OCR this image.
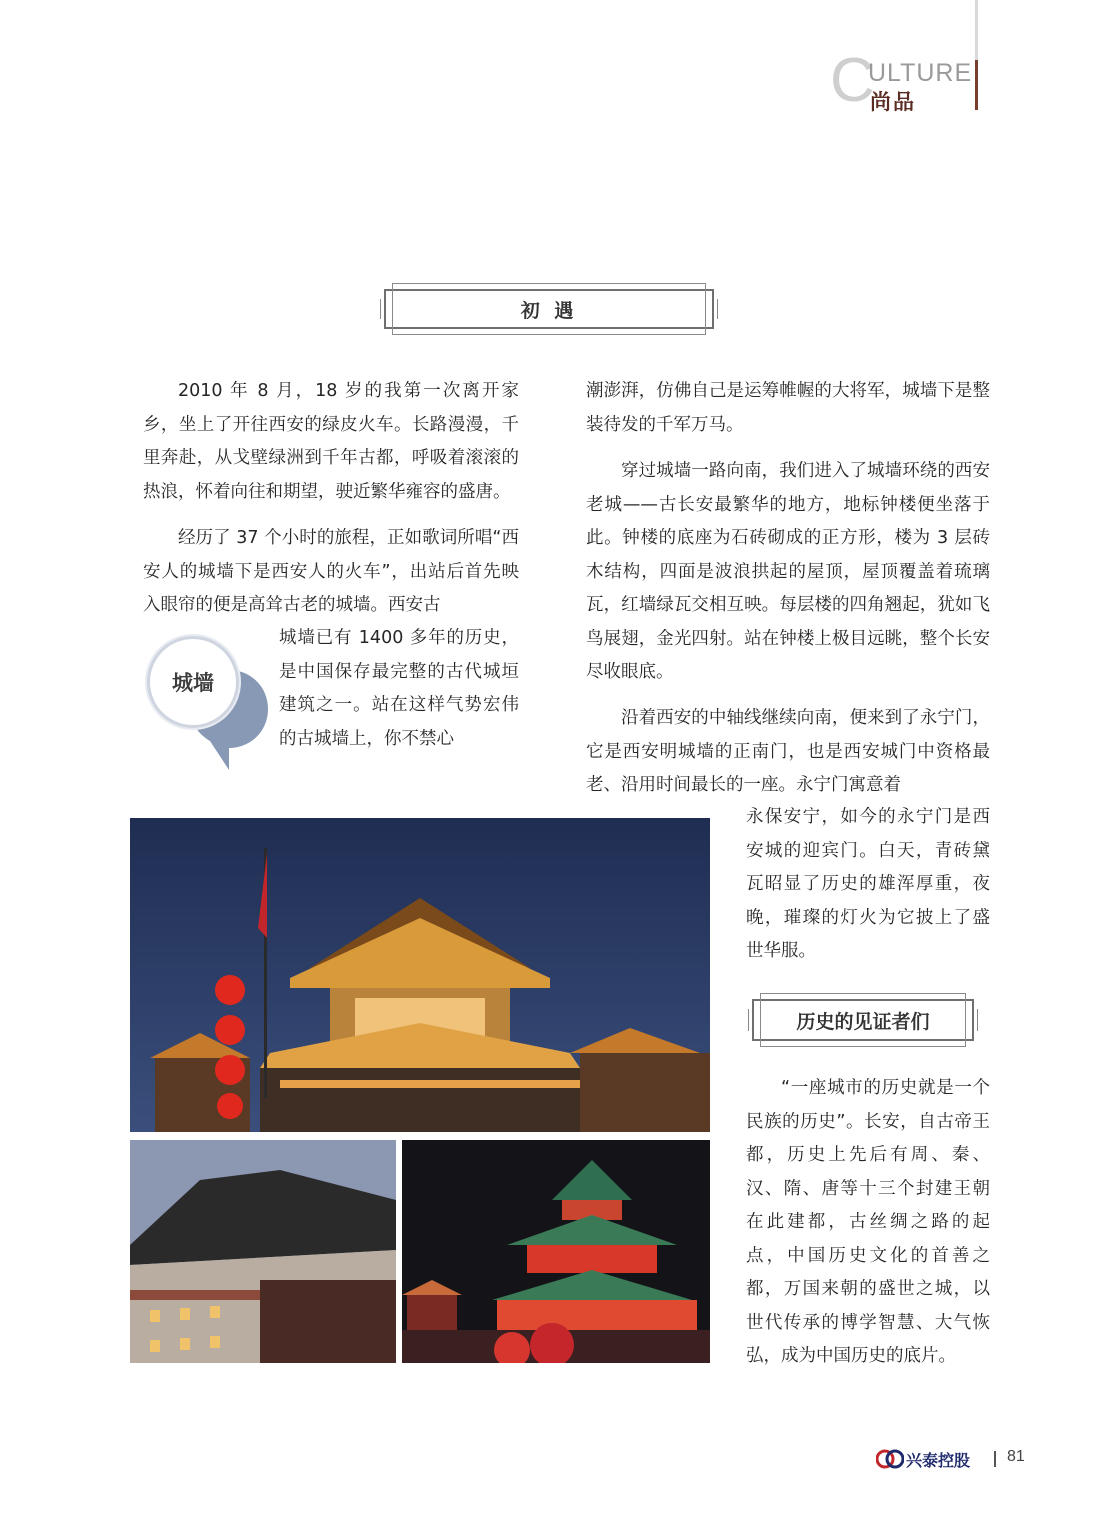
C
ULTURE
尚品
初 遇

2010 年 8 月，18 岁的我第一次离开家乡，坐上了开往西安的绿皮火车。长路漫漫，千里奔赴，从戈壁绿洲到千年古都，呼吸着滚滚的热浪，怀着向往和期望，驶近繁华雍容的盛唐。

经历了 37 个小时的旅程，正如歌词所唱“西安人的城墙下是西安人的火车”，出站后首先映入眼帘的便是高耸古老的城墙。西安古

城墙已有 1400 多年的历史，是中国保存最完整的古代城垣建筑之一。站在这样气势宏伟的古城墙上，你不禁心

城墙

潮澎湃，仿佛自己是运筹帷幄的大将军，城墙下是整装待发的千军万马。

穿过城墙一路向南，我们进入了城墙环绕的西安老城——古长安最繁华的地方，地标钟楼便坐落于此。钟楼的底座为石砖砌成的正方形，楼为 3 层砖木结构，四面是波浪拱起的屋顶，屋顶覆盖着琉璃瓦，红墙绿瓦交相互映。每层楼的四角翘起，犹如飞鸟展翅，金光四射。站在钟楼上极目远眺，整个长安尽收眼底。

沿着西安的中轴线继续向南，便来到了永宁门，它是西安明城墙的正南门，也是西安城门中资格最老、沿用时间最长的一座。永宁门寓意着

永保安宁，如今的永宁门是西安城的迎宾门。白天，青砖黛瓦昭显了历史的雄浑厚重，夜晚，璀璨的灯火为它披上了盛世华服。

历史的见证者们

“一座城市的历史就是一个民族的历史”。长安，自古帝王都，历史上先后有周、秦、汉、隋、唐等十三个封建王朝在此建都，古丝绸之路的起点，中国历史文化的首善之都，万国来朝的盛世之城，以世代传承的博学智慧、大气恢弘，成为中国历史的底片。

兴泰控股 81
